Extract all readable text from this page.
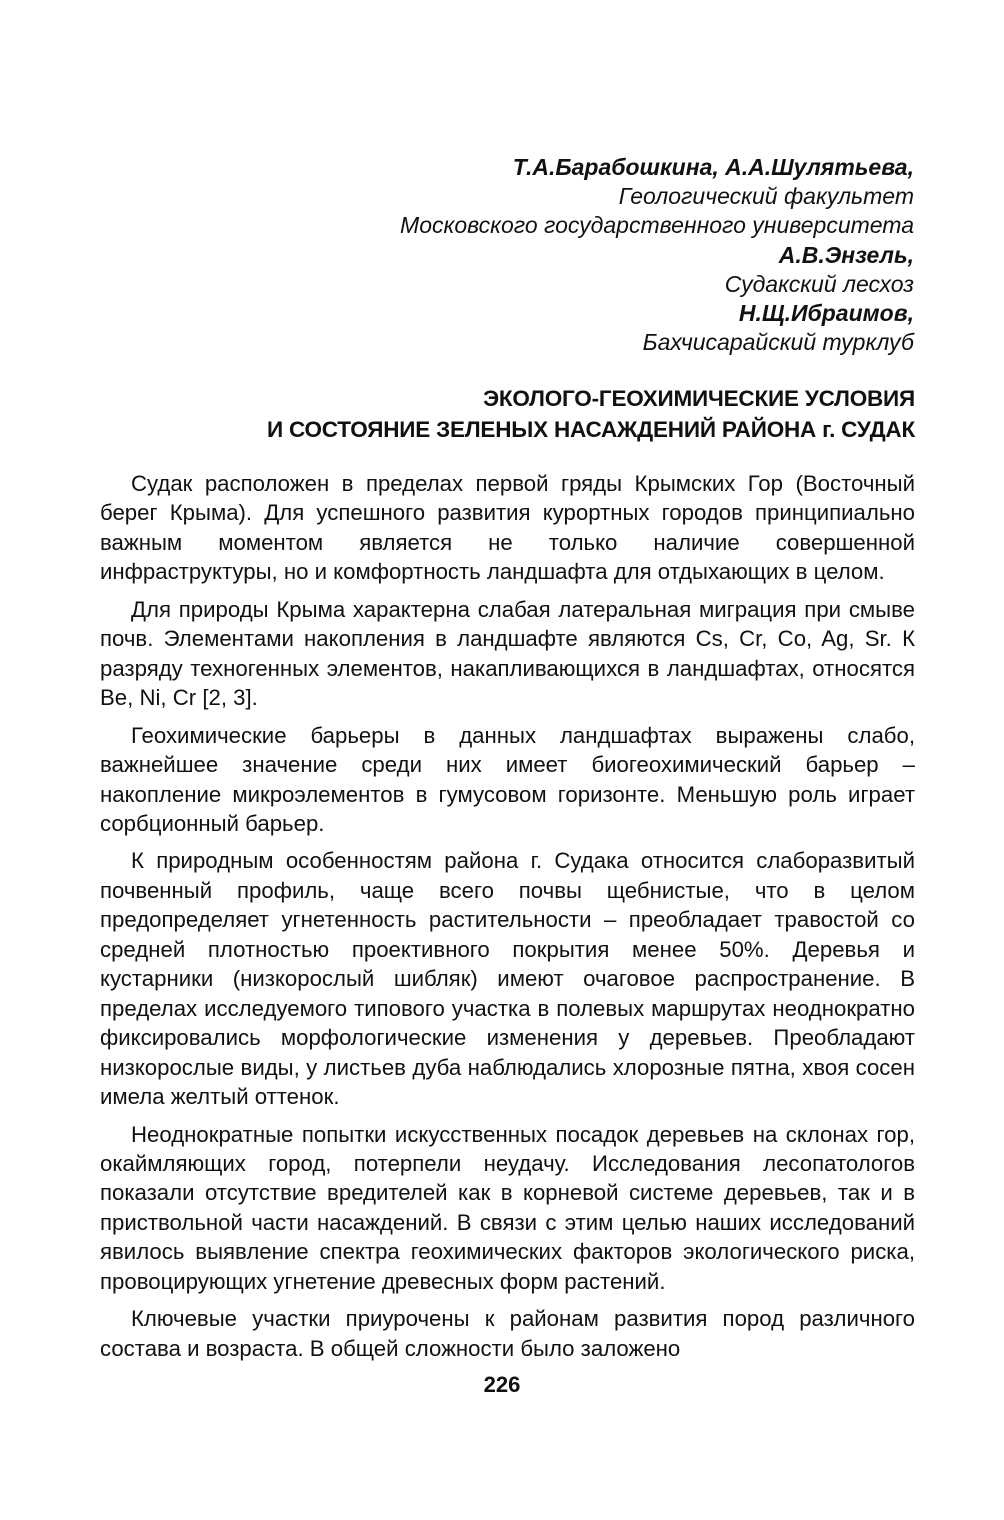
Т.А.Барабошкина, А.А.Шулятьева,
Геологический факультет
Московского государственного университета
А.В.Энзель,
Судакский лесхоз
Н.Щ.Ибраимов,
Бахчисарайский турклуб
ЭКОЛОГО-ГЕОХИМИЧЕСКИЕ УСЛОВИЯ
И СОСТОЯНИЕ ЗЕЛЕНЫХ НАСАЖДЕНИЙ РАЙОНА г. СУДАК

Судак расположен в пределах первой гряды Крымских Гор (Восточный берег Крыма). Для успешного развития курортных городов принципиально важным моментом является не только наличие совершенной инфраструктуры, но и комфортность ландшафта для отдыхающих в целом.

Для природы Крыма характерна слабая латеральная миграция при смыве почв. Элементами накопления в ландшафте являются Cs, Cr, Co, Ag, Sr. К разряду техногенных элементов, накапливающихся в ландшафтах, относятся Be, Ni, Cr [2, 3].

Геохимические барьеры в данных ландшафтах выражены слабо, важнейшее значение среди них имеет биогеохимический барьер – накопление микроэлементов в гумусовом горизонте. Меньшую роль играет сорбционный барьер.

К природным особенностям района г. Судака относится слаборазвитый почвенный профиль, чаще всего почвы щебнистые, что в целом предопределяет угнетенность растительности – преобладает травостой со средней плотностью проективного покрытия менее 50%. Деревья и кустарники (низкорослый шибляк) имеют очаговое распространение. В пределах исследуемого типового участка в полевых маршрутах неоднократно фиксировались морфологические изменения у деревьев. Преобладают низкорослые виды, у листьев дуба наблюдались хлорозные пятна, хвоя сосен имела желтый оттенок.

Неоднократные попытки искусственных посадок деревьев на склонах гор, окаймляющих город, потерпели неудачу. Исследования лесопатологов показали отсутствие вредителей как в корневой системе деревьев, так и в приствольной части насаждений. В связи с этим целью наших исследований явилось выявление спектра геохимических факторов экологического риска, провоцирующих угнетение древесных форм растений.

Ключевые участки приурочены к районам развития пород различного состава и возраста. В общей сложности было заложено

226
